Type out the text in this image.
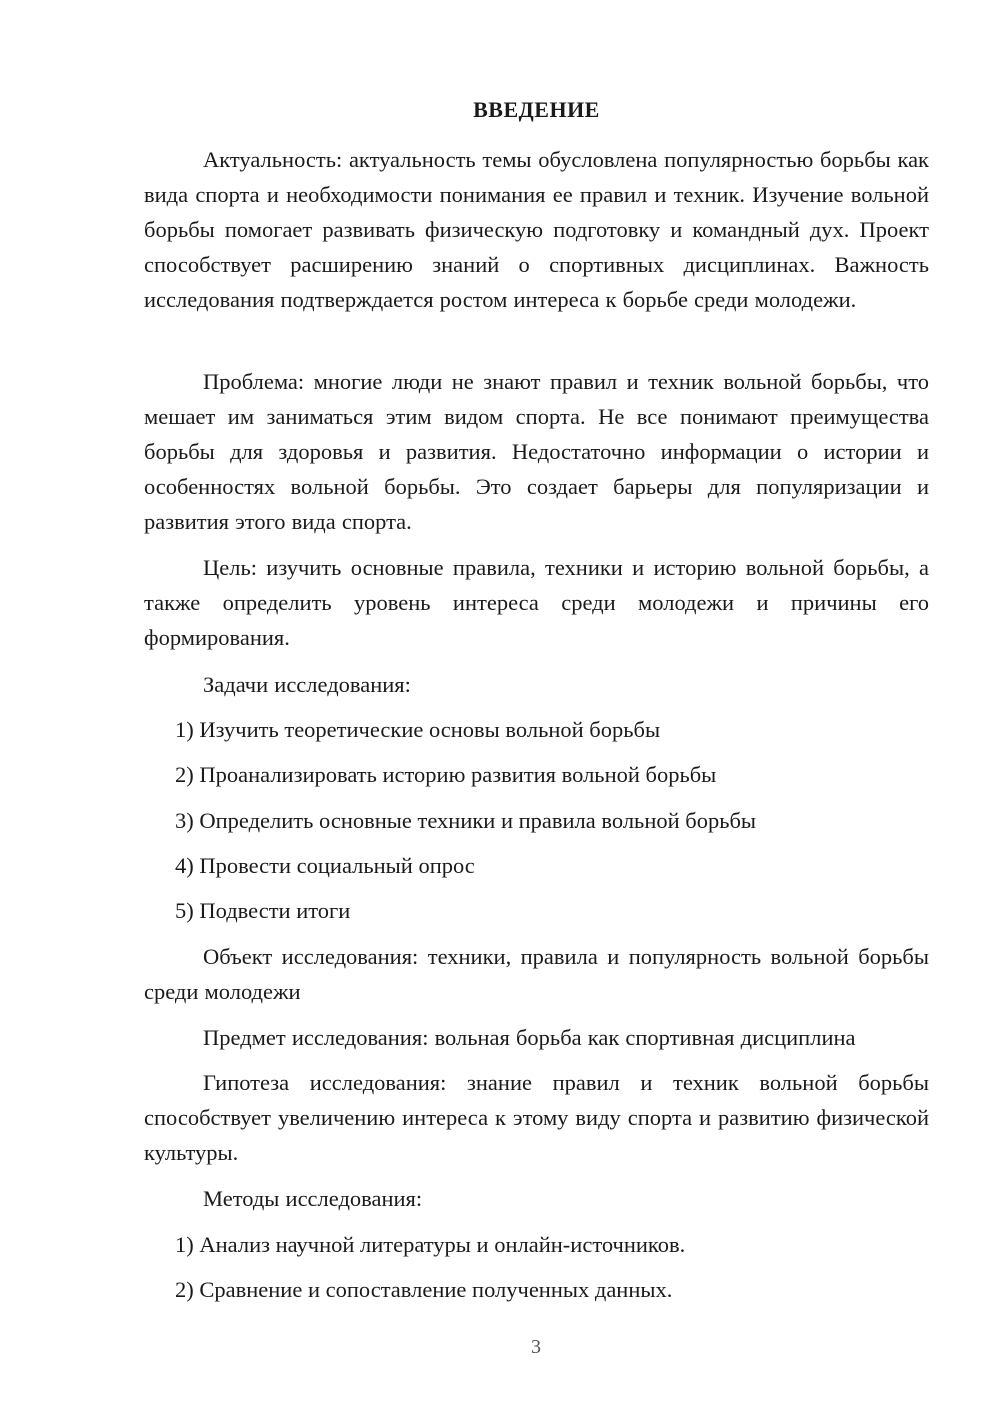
ВВЕДЕНИЕ

Актуальность: актуальность темы обусловлена популярностью борьбы как вида спорта и необходимости понимания ее правил и техник. Изучение вольной борьбы помогает развивать физическую подготовку и командный дух. Проект способствует расширению знаний о спортивных дисциплинах. Важность исследования подтверждается ростом интереса к борьбе среди молодежи.

Проблема: многие люди не знают правил и техник вольной борьбы, что мешает им заниматься этим видом спорта. Не все понимают преимущества борьбы для здоровья и развития. Недостаточно информации о истории и особенностях вольной борьбы. Это создает барьеры для популяризации и развития этого вида спорта.

Цель: изучить основные правила, техники и историю вольной борьбы, а также определить уровень интереса среди молодежи и причины его формирования.

Задачи исследования:

1) Изучить теоретические основы вольной борьбы

2) Проанализировать историю развития вольной борьбы

3) Определить основные техники и правила вольной борьбы

4) Провести социальный опрос

5) Подвести итоги

Объект исследования: техники, правила и популярность вольной борьбы среди молодежи

Предмет исследования: вольная борьба как спортивная дисциплина

Гипотеза исследования: знание правил и техник вольной борьбы способствует увеличению интереса к этому виду спорта и развитию физической культуры.

Методы исследования:

1) Анализ научной литературы и онлайн-источников.

2) Сравнение и сопоставление полученных данных.

3
